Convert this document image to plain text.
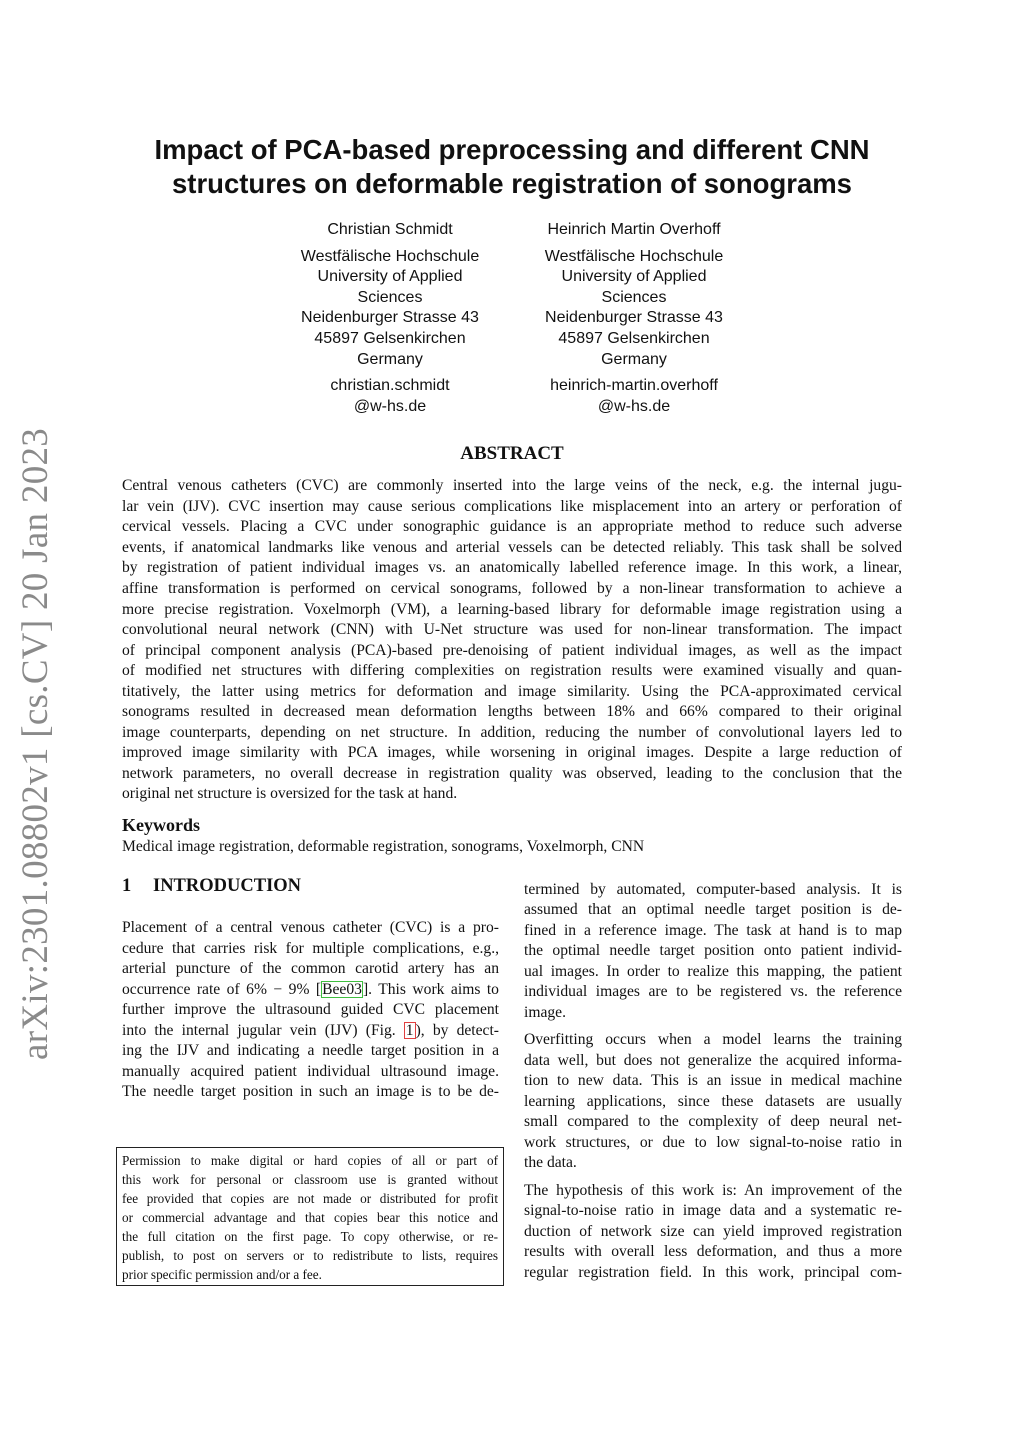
arXiv:2301.08802v1 [cs.CV] 20 Jan 2023
Impact of PCA-based preprocessing and different CNN
structures on deformable registration of sonograms
Christian Schmidt
Westfälische Hochschule
University of Applied
Sciences
Neidenburger Strasse 43
45897 Gelsenkirchen
Germany
christian.schmidt
@w-hs.de
Heinrich Martin Overhoff
Westfälische Hochschule
University of Applied
Sciences
Neidenburger Strasse 43
45897 Gelsenkirchen
Germany
heinrich-martin.overhoff
@w-hs.de
ABSTRACT
Central venous catheters (CVC) are commonly inserted into the large veins of the neck, e.g. the internal jugu-
lar vein (IJV). CVC insertion may cause serious complications like misplacement into an artery or perforation of
cervical vessels. Placing a CVC under sonographic guidance is an appropriate method to reduce such adverse
events, if anatomical landmarks like venous and arterial vessels can be detected reliably. This task shall be solved
by registration of patient individual images vs. an anatomically labelled reference image. In this work, a linear,
affine transformation is performed on cervical sonograms, followed by a non-linear transformation to achieve a
more precise registration. Voxelmorph (VM), a learning-based library for deformable image registration using a
convolutional neural network (CNN) with U-Net structure was used for non-linear transformation. The impact
of principal component analysis (PCA)-based pre-denoising of patient individual images, as well as the impact
of modified net structures with differing complexities on registration results were examined visually and quan-
titatively, the latter using metrics for deformation and image similarity. Using the PCA-approximated cervical
sonograms resulted in decreased mean deformation lengths between 18% and 66% compared to their original
image counterparts, depending on net structure. In addition, reducing the number of convolutional layers led to
improved image similarity with PCA images, while worsening in original images. Despite a large reduction of
network parameters, no overall decrease in registration quality was observed, leading to the conclusion that the
original net structure is oversized for the task at hand.
Keywords
Medical image registration, deformable registration, sonograms, Voxelmorph, CNN
1 INTRODUCTION
Placement of a central venous catheter (CVC) is a pro-
cedure that carries risk for multiple complications, e.g.,
arterial puncture of the common carotid artery has an
occurrence rate of 6% − 9% [Bee03]. This work aims to
further improve the ultrasound guided CVC placement
into the internal jugular vein (IJV) (Fig. 1 ), by detect-
ing the IJV and indicating a needle target position in a
manually acquired patient individual ultrasound image.
The needle target position in such an image is to be de-
Permission to make digital or hard copies of all or part of
this work for personal or classroom use is granted without
fee provided that copies are not made or distributed for profit
or commercial advantage and that copies bear this notice and
the full citation on the first page. To copy otherwise, or re-
publish, to post on servers or to redistribute to lists, requires
prior specific permission and/or a fee.
termined by automated, computer-based analysis. It is
assumed that an optimal needle target position is de-
fined in a reference image. The task at hand is to map
the optimal needle target position onto patient individ-
ual images. In order to realize this mapping, the patient
individual images are to be registered vs. the reference
image.
Overfitting occurs when a model learns the training
data well, but does not generalize the acquired informa-
tion to new data. This is an issue in medical machine
learning applications, since these datasets are usually
small compared to the complexity of deep neural net-
work structures, or due to low signal-to-noise ratio in
the data.
The hypothesis of this work is: An improvement of the
signal-to-noise ratio in image data and a systematic re-
duction of network size can yield improved registration
results with overall less deformation, and thus a more
regular registration field. In this work, principal com-
